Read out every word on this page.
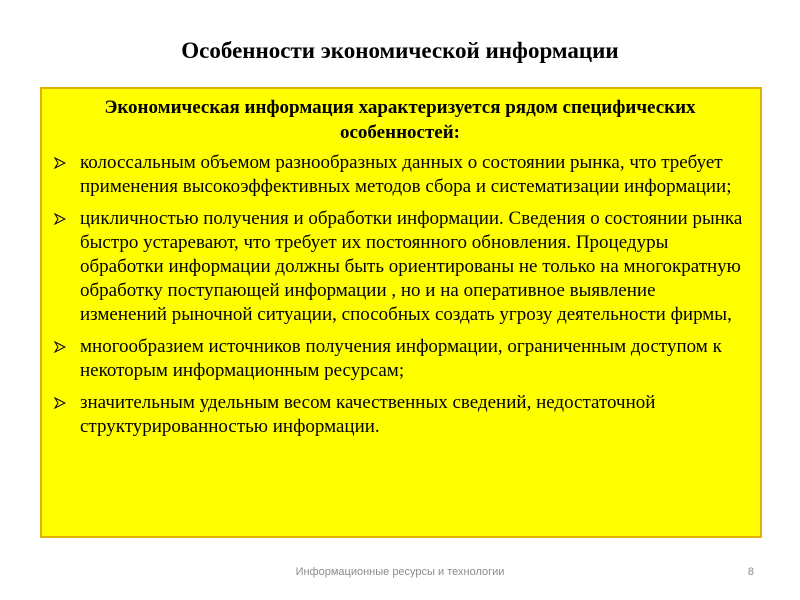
Особенности экономической информации

Экономическая информация характеризуется рядом специфических особенностей:

колоссальным объемом разнообразных данных о состоянии рынка, что требует применения высокоэффективных методов сбора и систематизации информации;
цикличностью получения и обработки информации. Сведения о состоянии рынка быстро устаревают, что требует их постоянного обновления. Процедуры обработки информации должны быть ориентированы не только на многократную обработку поступающей информации , но и на оперативное выявление изменений рыночной ситуации, способных создать угрозу деятельности фирмы,
многообразием источников получения информации, ограниченным доступом к некоторым информационным ресурсам;
значительным удельным весом качественных сведений, недостаточной структурированностью информации.
Информационные ресурсы и технологии	8
